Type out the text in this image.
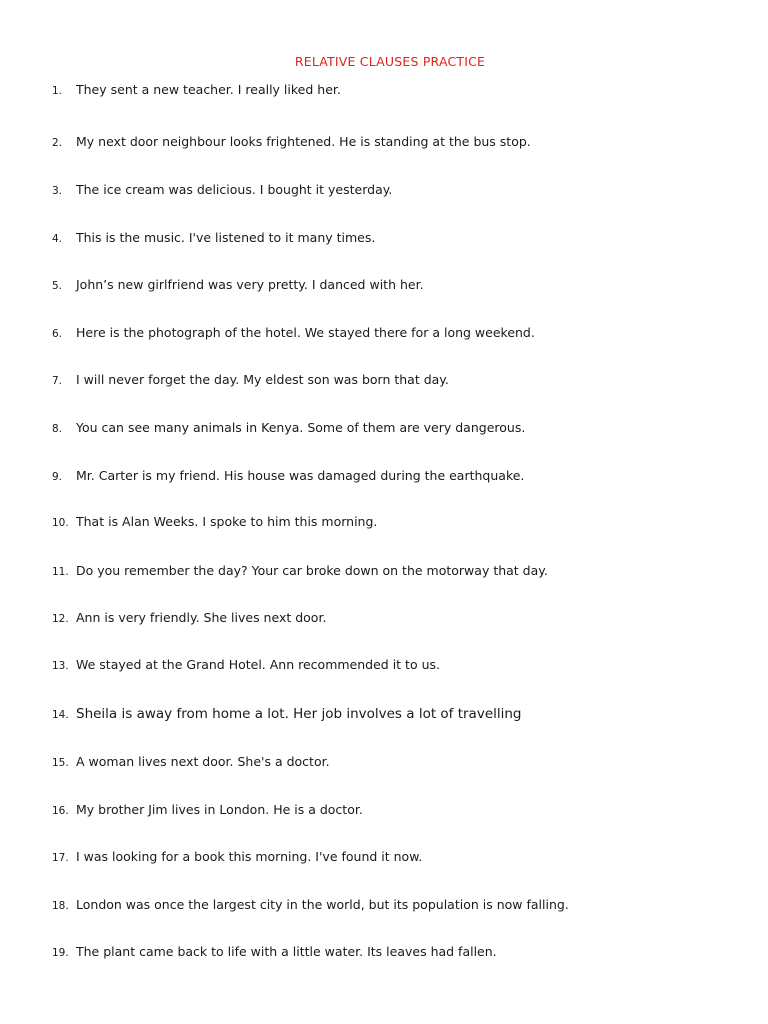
RELATIVE CLAUSES PRACTICE
1.	They sent a new teacher. I really liked her.
2.	My next door neighbour looks frightened. He is standing at the bus stop.
3.	The ice cream was delicious. I bought it yesterday.
4.	This is the music. I've listened to it many times.
5.	John’s new girlfriend was very pretty. I danced with her.
6.	Here is the photograph of the hotel. We stayed there for a long weekend.
7.	I will never forget the day. My eldest son was born that day.
8.	You can see many animals in Kenya. Some of them are very dangerous.
9.	Mr. Carter is my friend. His house was damaged during the earthquake.
10. That is Alan Weeks. I spoke to him this morning.
11. Do you remember the day? Your car broke down on the motorway that day.
12. Ann is very friendly. She lives next door.
13. We stayed at the Grand Hotel. Ann recommended it to us.
14. Sheila is away from home a lot. Her job involves a lot of travelling
15. A woman lives next door. She's a doctor.
16. My brother Jim lives in London. He is a doctor.
17. I was looking for a book this morning. I've found it now.
18. London was once the largest city in the world, but its population is now falling.
19. The plant came back to life with a little water. Its leaves had fallen.
